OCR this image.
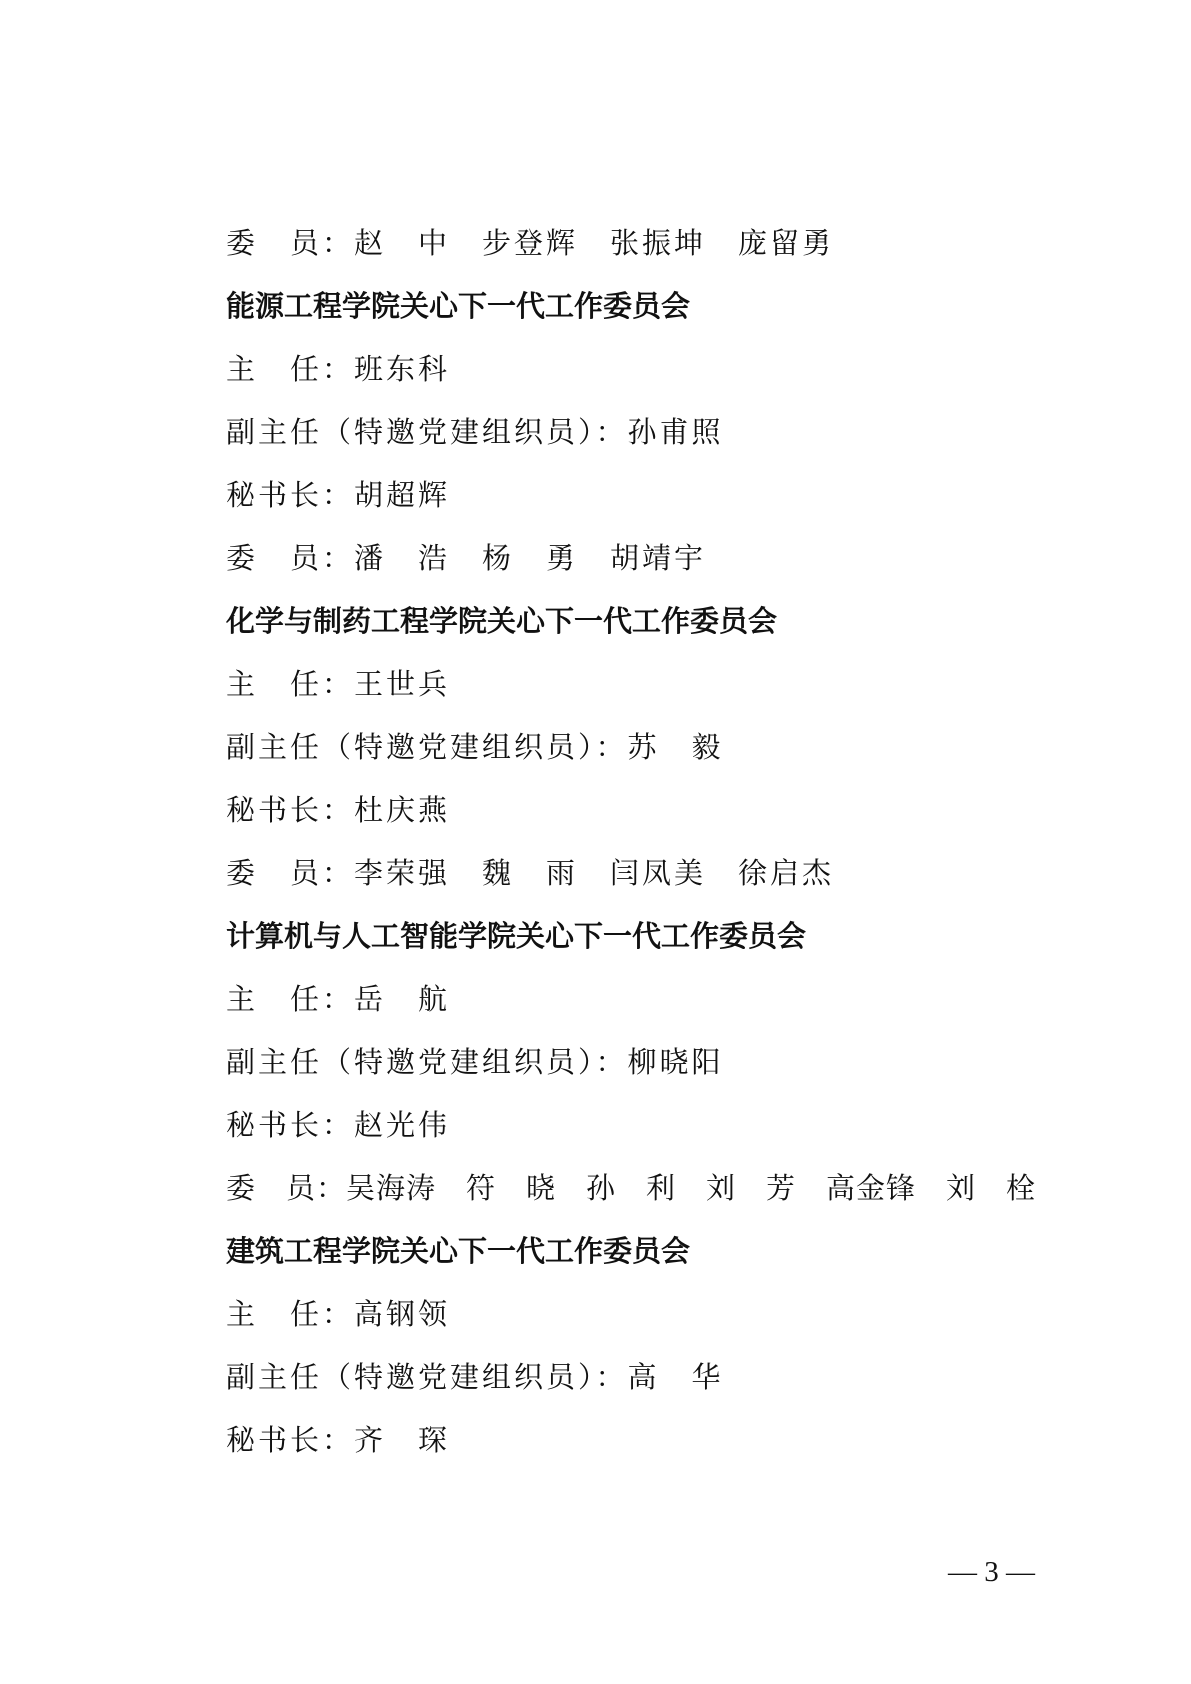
委　员：赵　中　步登辉　张振坤　庞留勇
能源工程学院关心下一代工作委员会
主　任：班东科
副主任（特邀党建组织员）：孙甫照
秘书长：胡超辉
委　员：潘　浩　杨　勇　胡靖宇
化学与制药工程学院关心下一代工作委员会
主　任：王世兵
副主任（特邀党建组织员）：苏　毅
秘书长：杜庆燕
委　员：李荣强　魏　雨　闫凤美　徐启杰
计算机与人工智能学院关心下一代工作委员会
主　任：岳　航
副主任（特邀党建组织员）：柳晓阳
秘书长：赵光伟
委　员：吴海涛　符　晓　孙　利　刘　芳　高金锋　刘　栓
建筑工程学院关心下一代工作委员会
主　任：高钢领
副主任（特邀党建组织员）：高　华
秘书长：齐　琛
— 3 —
